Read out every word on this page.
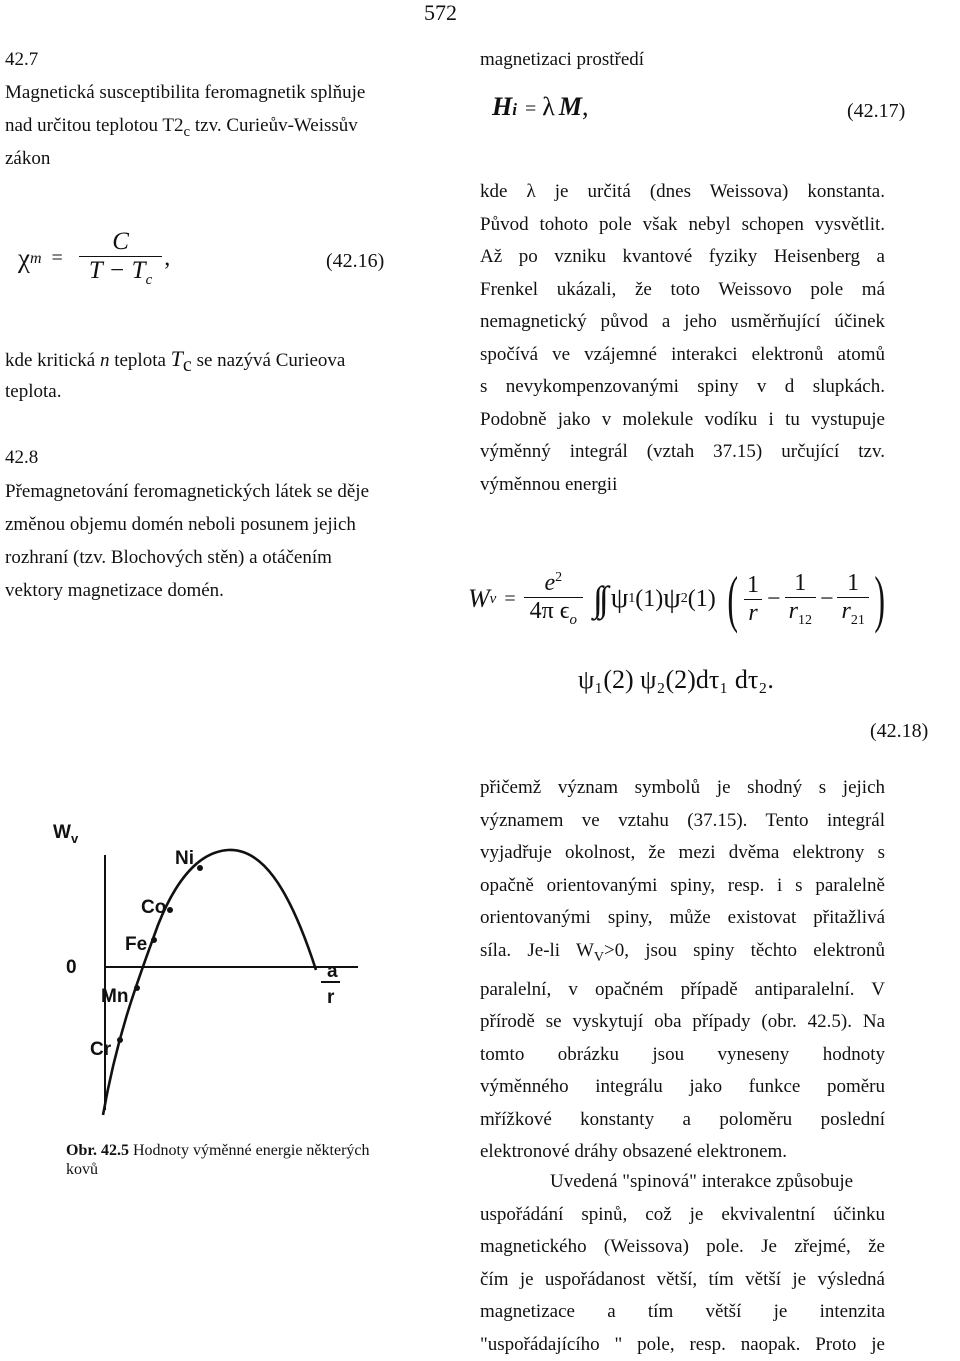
572
42.7
Magnetická susceptibilita feromagnetik splňuje
nad určitou teplotou $T2_c$ tzv. Curieův-Weissův
zákon
χ $m = \frac{C}{T - T_c}$ ,	(42.16)
kde kritická n teplota $T_c$ se nazývá Curieova
teplota.
42.8
Přemagnetování feromagnetických látek se děje
změnou objemu domén neboli posunem jejich
rozhraní (tzv. Blochových stěn) a otáčením
vektory magnetizace domén.
$W_v$
0	a
r
Ni
Co
Fe
Mn
Cr
Obr. 42.5 Hodnoty výměnné energie některých
kovů
magnetizaci prostředí
H i = λ M ,	(42.17)
kde λ je určitá (dnes Weissova) konstanta.
Původ tohoto pole však nebyl schopen vysvětlit.
Až po vzniku kvantové fyziky Heisenberg a
Frenkel ukázali, že toto Weissovo pole má
nemagnetický původ a jeho usměrňující účinek
spočívá ve vzájemné interakci elektronů atomů
s nevykompenzovanými spiny v d slupkách.
Podobně jako v molekule vodíku i tu vystupuje
výměnný integrál (vztah 37.15) určující tzv.
výměnnou energii
W $v = \frac{e^2}{4\pi \epsilon_o}$ ∫∫ ψ 1 (1) ψ 2 (1) ( $\frac{1}{r} - \frac{1}{r_{12}} - \frac{1}{r_{21}}$ )
ψ₁(2) ψ₂(2)dτ₁ dτ₂.
(42.18)
přičemž význam symbolů je shodný s jejich
významem ve vztahu (37.15). Tento integrál
vyjadřuje okolnost, že mezi dvěma elektrony s
opačně orientovanými spiny, resp. i s paralelně
orientovanými spiny, může existovat přitažlivá
síla. Je-li $W_V>0$, jsou spiny těchto elektronů
paralelní, v opačném případě antiparalelní. V
přírodě se vyskytují oba případy (obr. 42.5). Na
tomto obrázku jsou vyneseny hodnoty
výměnného integrálu jako funkce poměru
mřížkové konstanty a poloměru poslední
elektronové dráhy obsazené elektronem.
Uvedená "spinová" interakce způsobuje
uspořádání spinů, což je ekvivalentní účinku
magnetického (Weissova) pole. Je zřejmé, že
čím je uspořádanost větší, tím větší je výsledná
magnetizace a tím větší je intenzita
"uspořádajícího " pole, resp. naopak. Proto je
